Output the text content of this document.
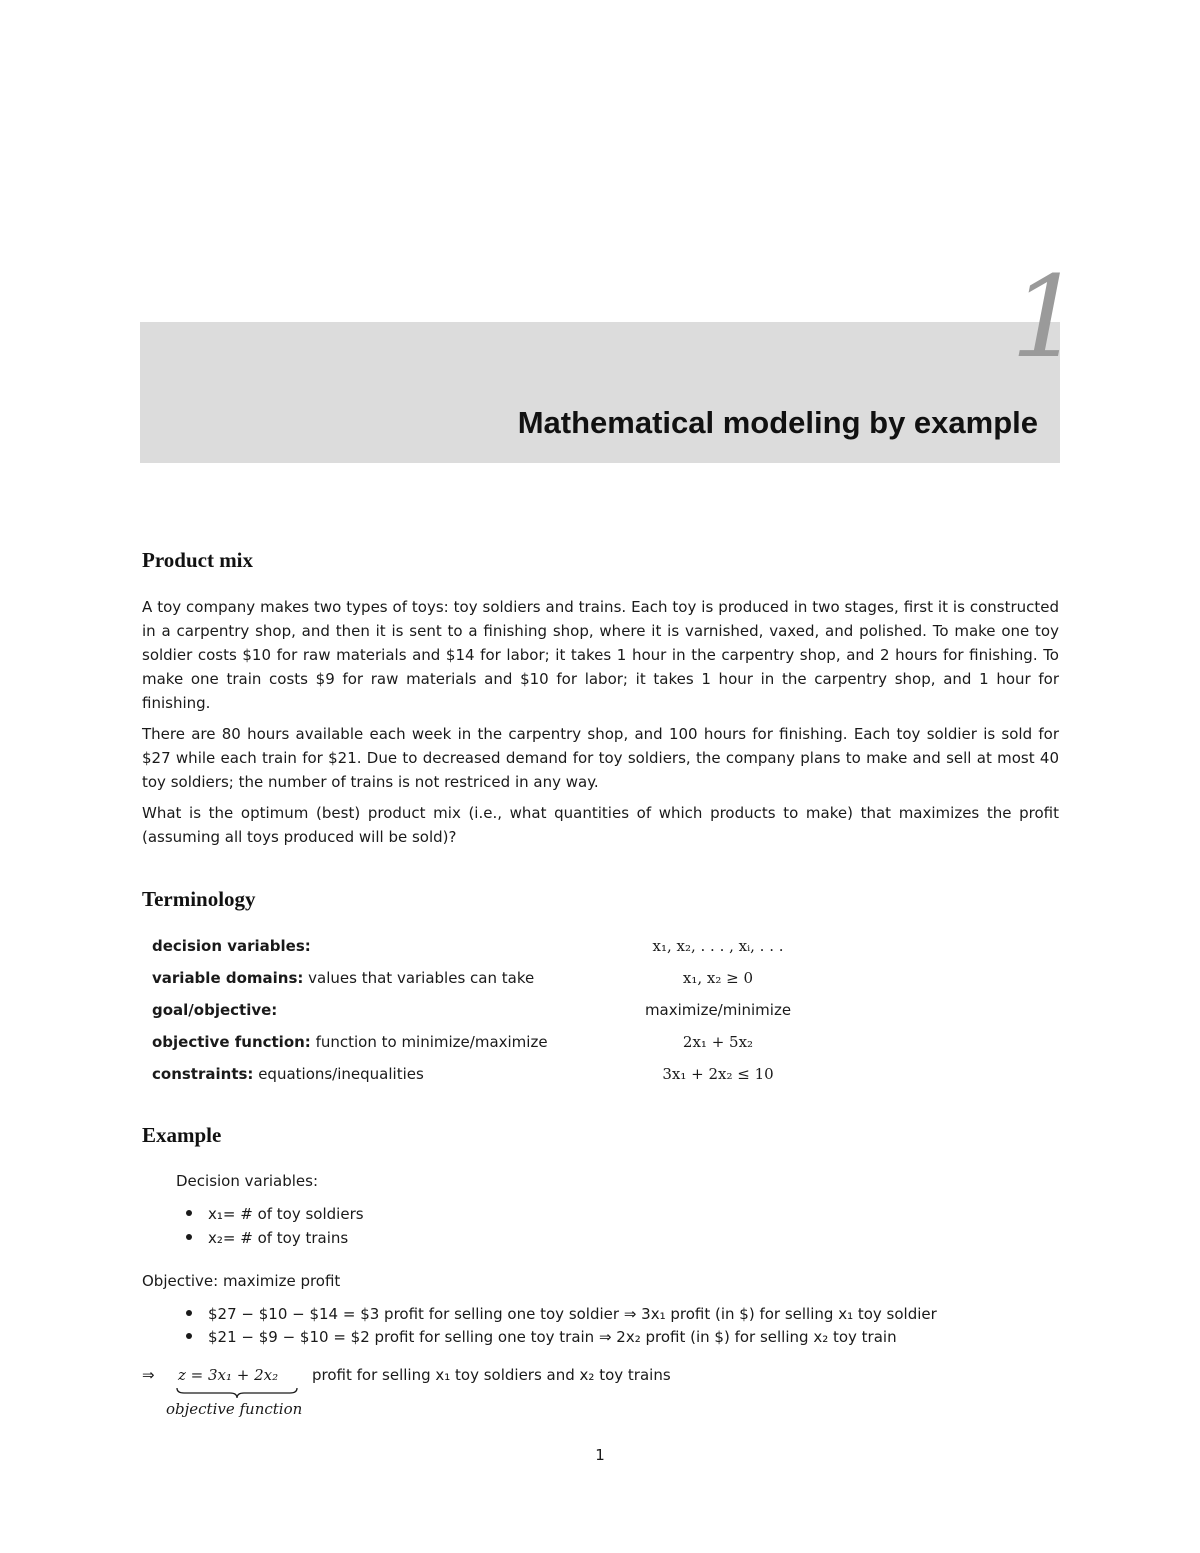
1
Mathematical modeling by example
Product mix

A toy company makes two types of toys: toy soldiers and trains. Each toy is produced in two stages, first it is constructed in a carpentry shop, and then it is sent to a finishing shop, where it is varnished, vaxed, and polished. To make one toy soldier costs $10 for raw materials and $14 for labor; it takes 1 hour in the carpentry shop, and 2 hours for finishing. To make one train costs $9 for raw materials and $10 for labor; it takes 1 hour in the carpentry shop, and 1 hour for finishing.

There are 80 hours available each week in the carpentry shop, and 100 hours for finishing. Each toy soldier is sold for $27 while each train for $21. Due to decreased demand for toy soldiers, the company plans to make and sell at most 40 toy soldiers; the number of trains is not restriced in any way.

What is the optimum (best) product mix (i.e., what quantities of which products to make) that maximizes the profit (assuming all toys produced will be sold)?

Terminology
decision variables:	x₁, x₂, . . . , xᵢ, . . .
variable domains: values that variables can take	x₁, x₂ ≥ 0
goal/objective:	maximize/minimize
objective function: function to minimize/maximize	2x₁ + 5x₂
constraints: equations/inequalities	3x₁ + 2x₂ ≤ 10
Example
Decision variables:
x₁= # of toy soldiers
x₂= # of toy trains
Objective: maximize profit
$27 − $10 − $14 = $3 profit for selling one toy soldier ⇒ 3x₁ profit (in $) for selling x₁ toy soldier
$21 − $9 − $10 = $2 profit for selling one toy train ⇒ 2x₂ profit (in $) for selling x₂ toy train
⇒ z = 3x₁ + 2x₂ profit for selling x₁ toy soldiers and x₂ toy trains
objective function
1
